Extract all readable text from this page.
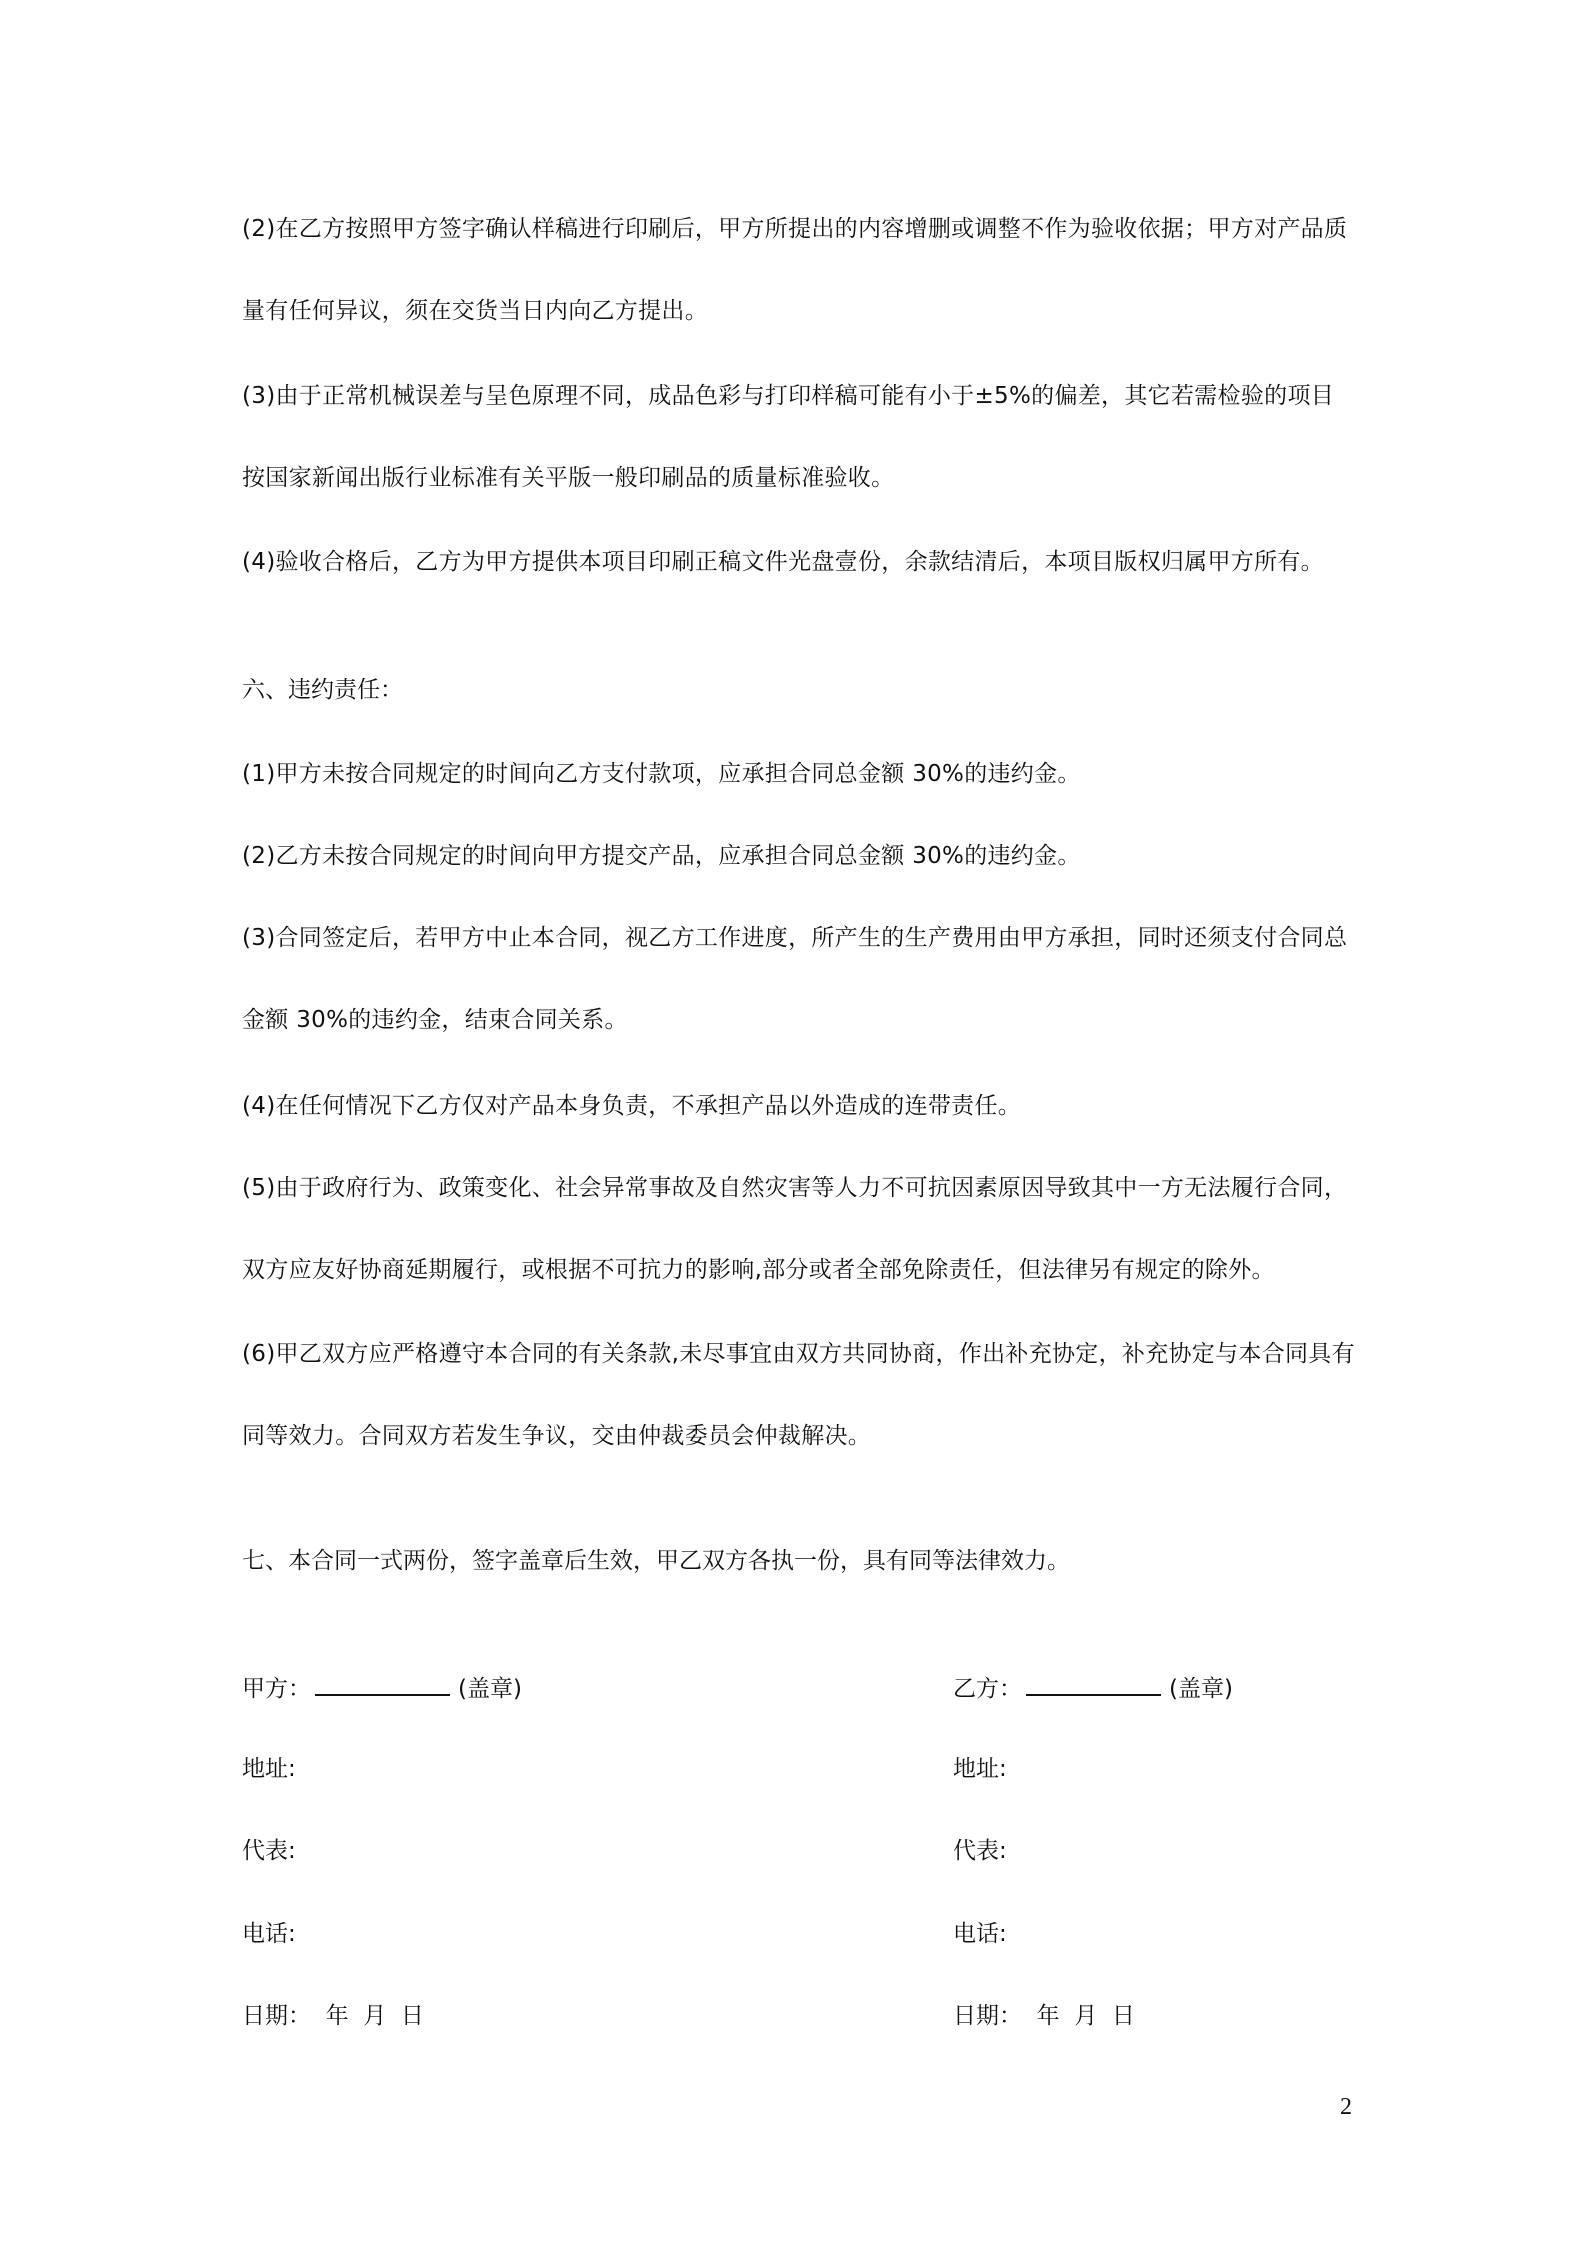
(2)在乙方按照甲方签字确认样稿进行印刷后，甲方所提出的内容增删或调整不作为验收依据；甲方对产品质量有任何异议，须在交货当日内向乙方提出。

(3)由于正常机械误差与呈色原理不同，成品色彩与打印样稿可能有小于±5%的偏差，其它若需检验的项目按国家新闻出版行业标准有关平版一般印刷品的质量标准验收。

(4)验收合格后，乙方为甲方提供本项目印刷正稿文件光盘壹份，余款结清后，本项目版权归属甲方所有。

六、违约责任：

(1)甲方未按合同规定的时间向乙方支付款项，应承担合同总金额 30%的违约金。

(2)乙方未按合同规定的时间向甲方提交产品，应承担合同总金额 30%的违约金。

(3)合同签定后，若甲方中止本合同，视乙方工作进度，所产生的生产费用由甲方承担，同时还须支付合同总金额 30%的违约金，结束合同关系。

(4)在任何情况下乙方仅对产品本身负责，不承担产品以外造成的连带责任。

(5)由于政府行为、政策变化、社会异常事故及自然灾害等人力不可抗因素原因导致其中一方无法履行合同，双方应友好协商延期履行，或根据不可抗力的影响,部分或者全部免除责任，但法律另有规定的除外。

(6)甲乙双方应严格遵守本合同的有关条款,未尽事宜由双方共同协商，作出补充协定，补充协定与本合同具有同等效力。合同双方若发生争议，交由仲裁委员会仲裁解决。

七、本合同一式两份，签字盖章后生效，甲乙双方各执一份，具有同等法律效力。

甲方：	(盖章)
地址:
代表:
电话:
日期：  年  月  日
乙方：	(盖章)
地址:
代表:
电话:
日期：  年  月  日
2
